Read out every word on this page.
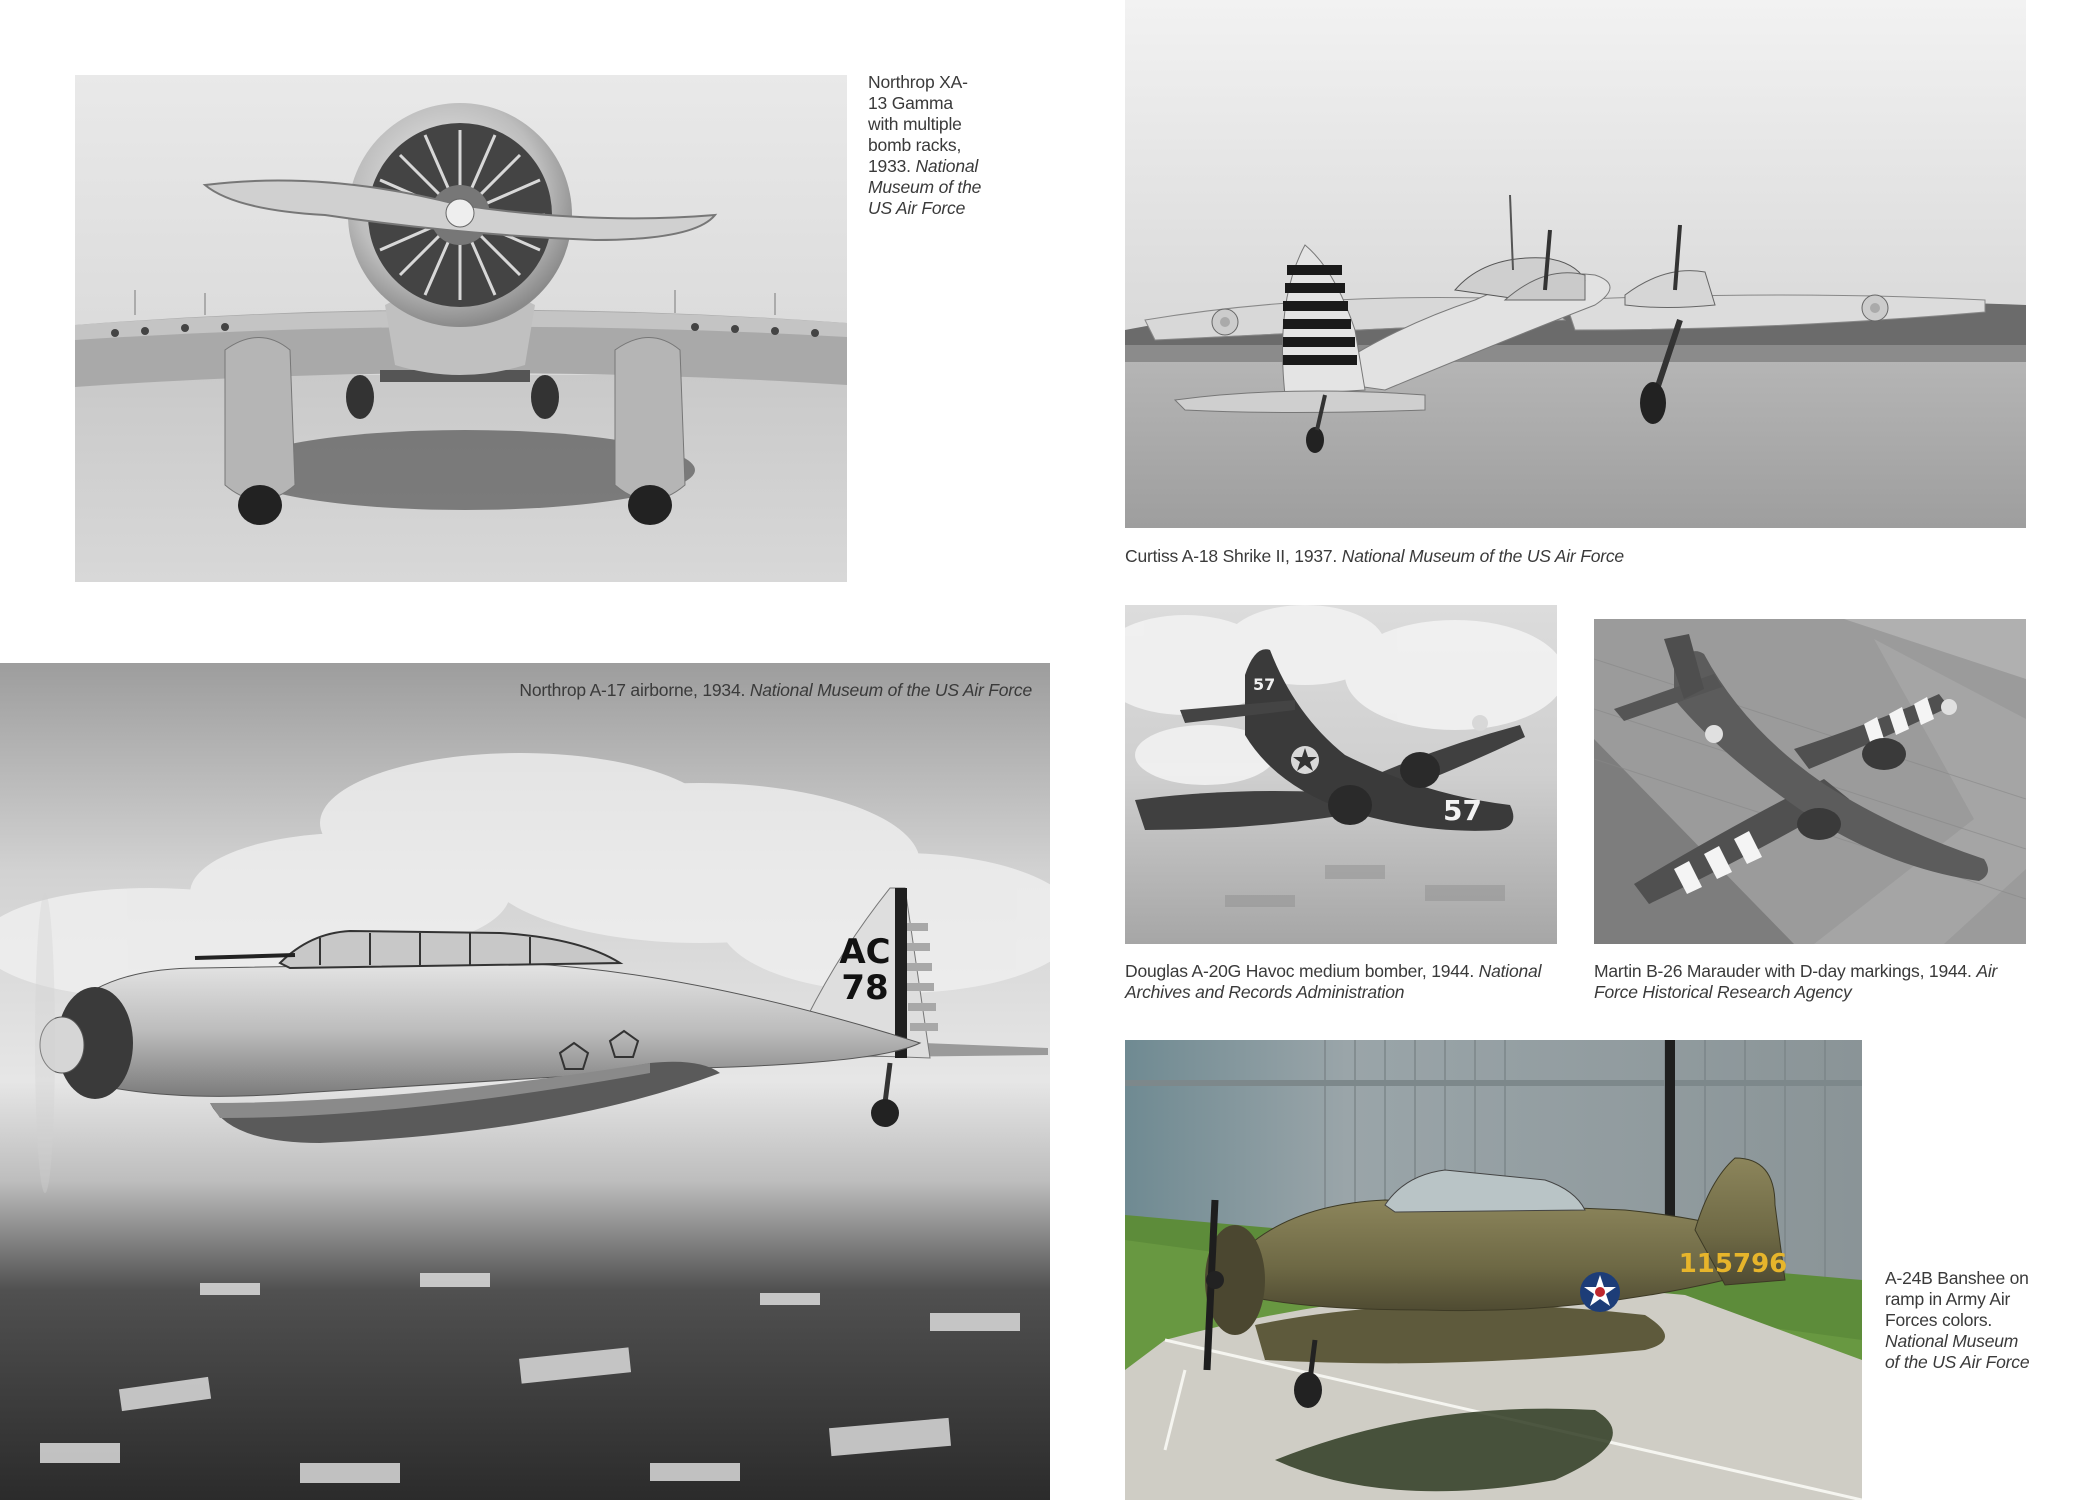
Northrop XA-13 Gamma with multiple bomb racks, 1933. National Museum of the US Air Force
Curtiss A-18 Shrike II, 1937. National Museum of the US Air Force
AC
78
Northrop A-17 airborne, 1934. National Museum of the US Air Force	57
57
Douglas A-20G Havoc medium bomber, 1944. National Archives and Records Administration
Martin B-26 Marauder with D-day markings, 1944. Air Force Historical Research Agency
115796	A-24B Banshee on ramp in Army Air Forces colors. National Museum of the US Air Force
